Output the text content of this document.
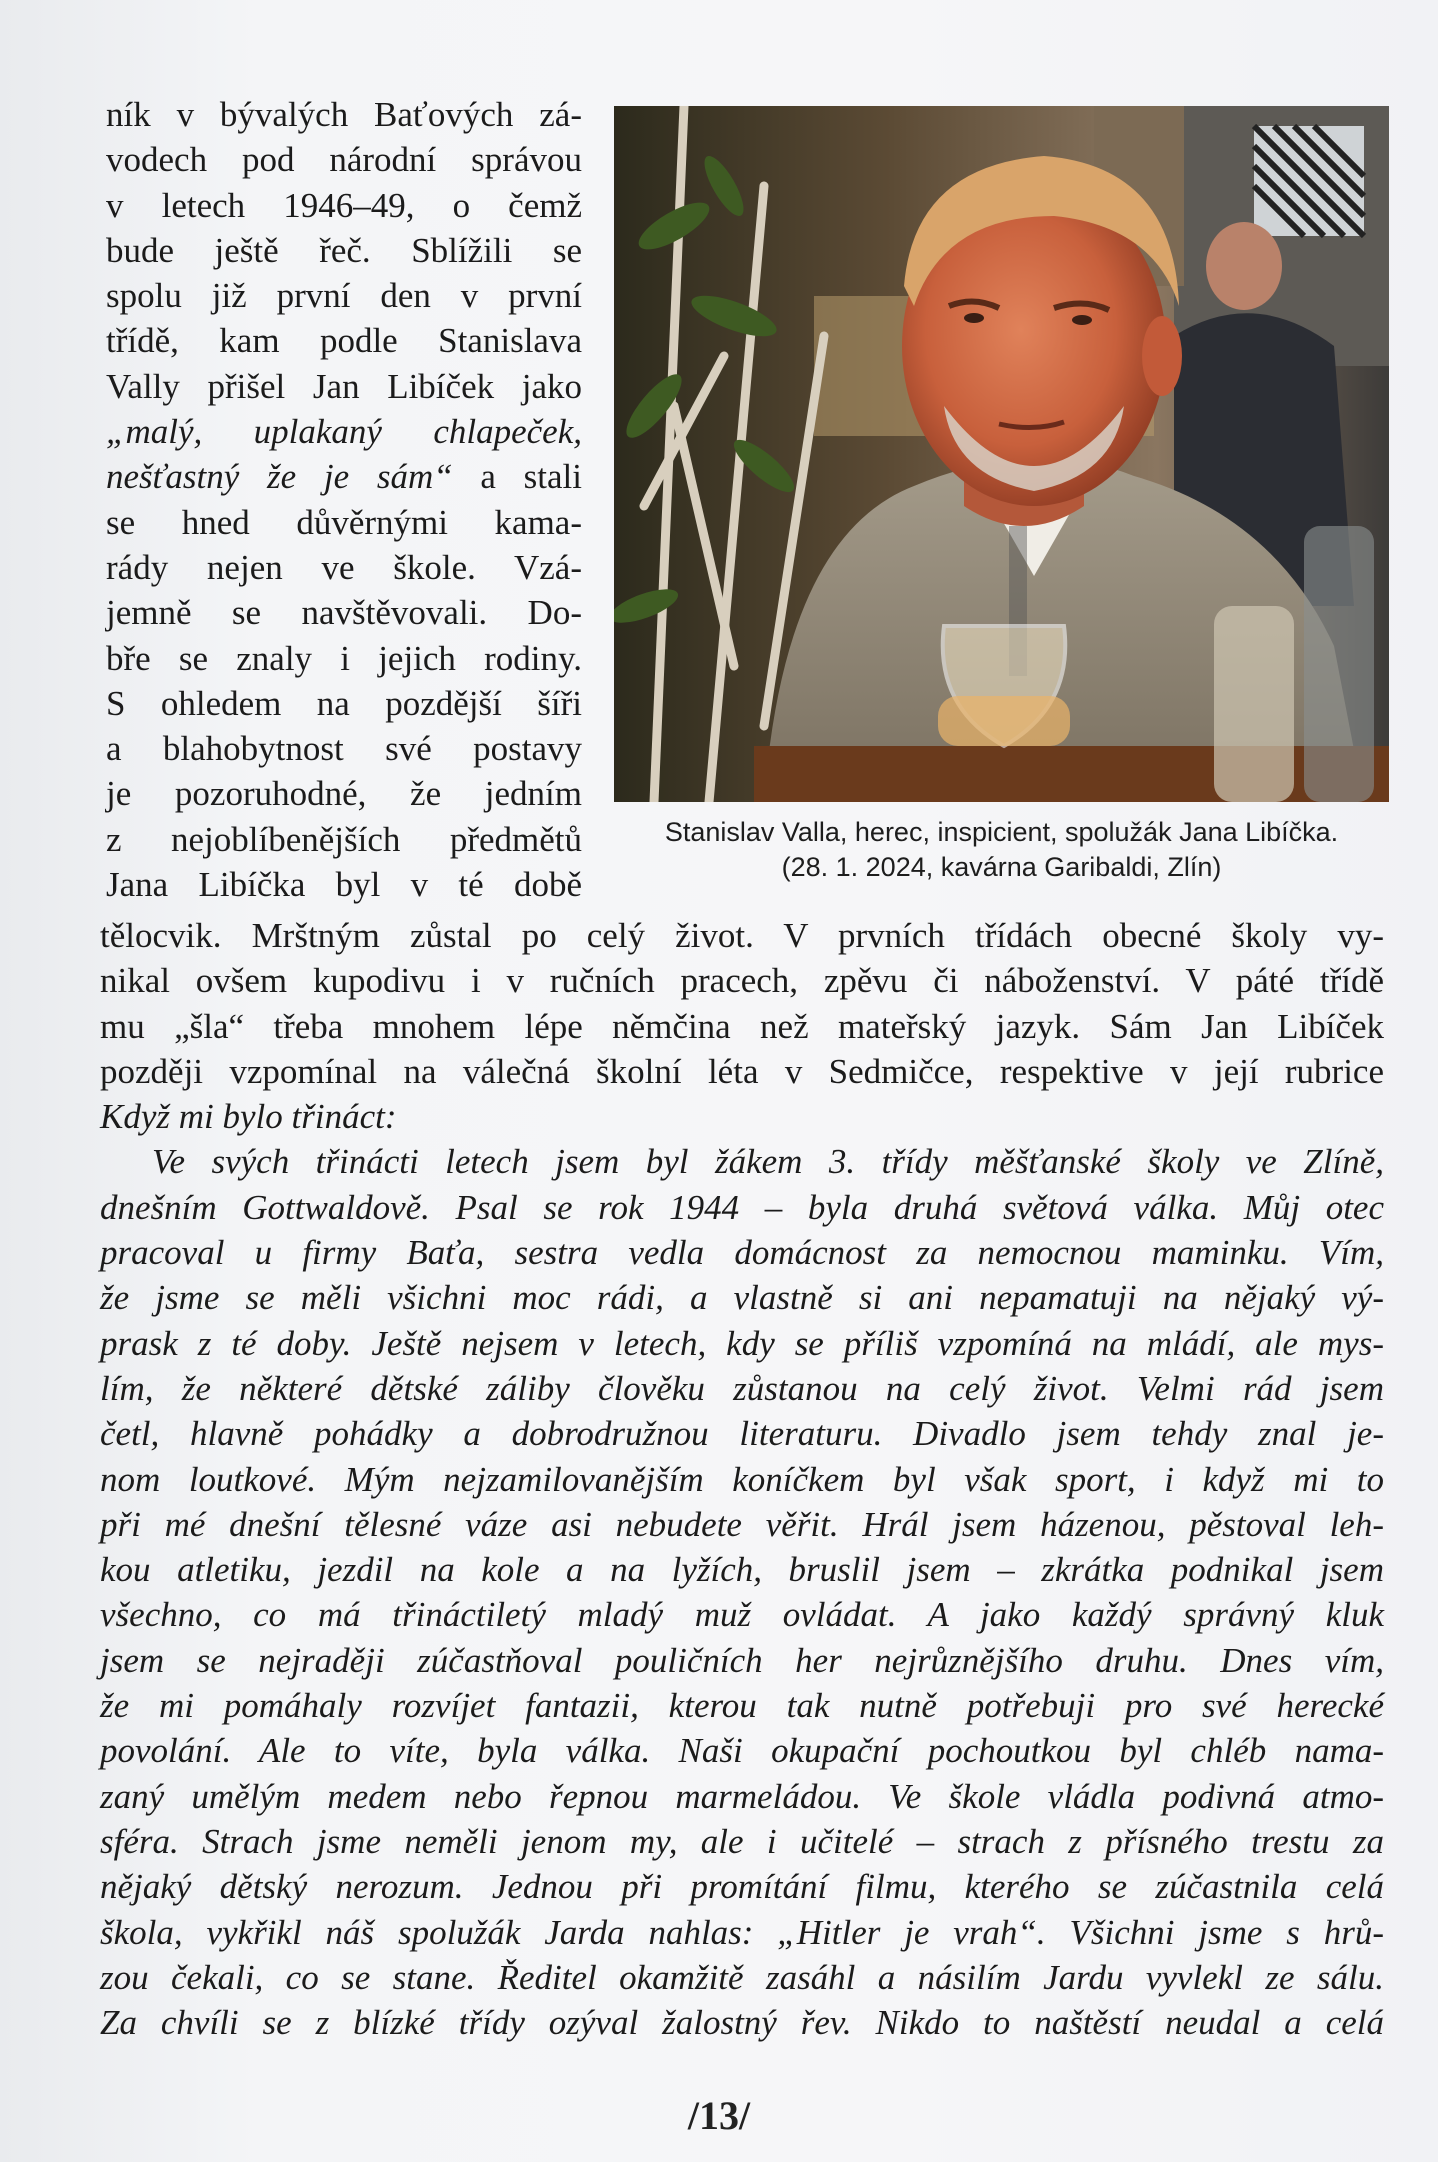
ník v bývalých Baťových zá-
vodech pod národní správou
v letech 1946–49, o čemž
bude ještě řeč. Sblížili se
spolu již první den v první
třídě, kam podle Stanislava
Vally přišel Jan Libíček jako
„malý, uplakaný chlapeček,
nešťastný že je sám“ a stali
se hned důvěrnými kama-
rády nejen ve škole. Vzá-
jemně se navštěvovali. Do-
bře se znaly i jejich rodiny.
S ohledem na pozdější šíři
a blahobytnost své postavy
je pozoruhodné, že jedním
z nejoblíbenějších předmětů
Jana Libíčka byl v té době
Stanislav Valla, herec, inspicient, spolužák Jana Libíčka.
(28. 1. 2024, kavárna Garibaldi, Zlín)
tělocvik. Mrštným zůstal po celý život. V prvních třídách obecné školy vy-
nikal ovšem kupodivu i v ručních pracech, zpěvu či náboženství. V páté třídě
mu „šla“ třeba mnohem lépe němčina než mateřský jazyk. Sám Jan Libíček
později vzpomínal na válečná školní léta v Sedmičce, respektive v její rubrice
Když mi bylo třináct:
Ve svých třinácti letech jsem byl žákem 3. třídy měšťanské školy ve Zlíně,
dnešním Gottwaldově. Psal se rok 1944 – byla druhá světová válka. Můj otec
pracoval u firmy Baťa, sestra vedla domácnost za nemocnou maminku. Vím,
že jsme se měli všichni moc rádi, a vlastně si ani nepamatuji na nějaký vý-
prask z té doby. Ještě nejsem v letech, kdy se příliš vzpomíná na mládí, ale mys-
lím, že některé dětské záliby člověku zůstanou na celý život. Velmi rád jsem
četl, hlavně pohádky a dobrodružnou literaturu. Divadlo jsem tehdy znal je-
nom loutkové. Mým nejzamilovanějším koníčkem byl však sport, i když mi to
při mé dnešní tělesné váze asi nebudete věřit. Hrál jsem házenou, pěstoval leh-
kou atletiku, jezdil na kole a na lyžích, bruslil jsem – zkrátka podnikal jsem
všechno, co má třináctiletý mladý muž ovládat. A jako každý správný kluk
jsem se nejraději zúčastňoval pouličních her nejrůznějšího druhu. Dnes vím,
že mi pomáhaly rozvíjet fantazii, kterou tak nutně potřebuji pro své herecké
povolání. Ale to víte, byla válka. Naši okupační pochoutkou byl chléb nama-
zaný umělým medem nebo řepnou marmeládou. Ve škole vládla podivná atmo-
sféra. Strach jsme neměli jenom my, ale i učitelé – strach z přísného trestu za
nějaký dětský nerozum. Jednou při promítání filmu, kterého se zúčastnila celá
škola, vykřikl náš spolužák Jarda nahlas: „Hitler je vrah“. Všichni jsme s hrů-
zou čekali, co se stane. Ředitel okamžitě zasáhl a násilím Jardu vyvlekl ze sálu.
Za chvíli se z blízké třídy ozýval žalostný řev. Nikdo to naštěstí neudal a celá
/13/
